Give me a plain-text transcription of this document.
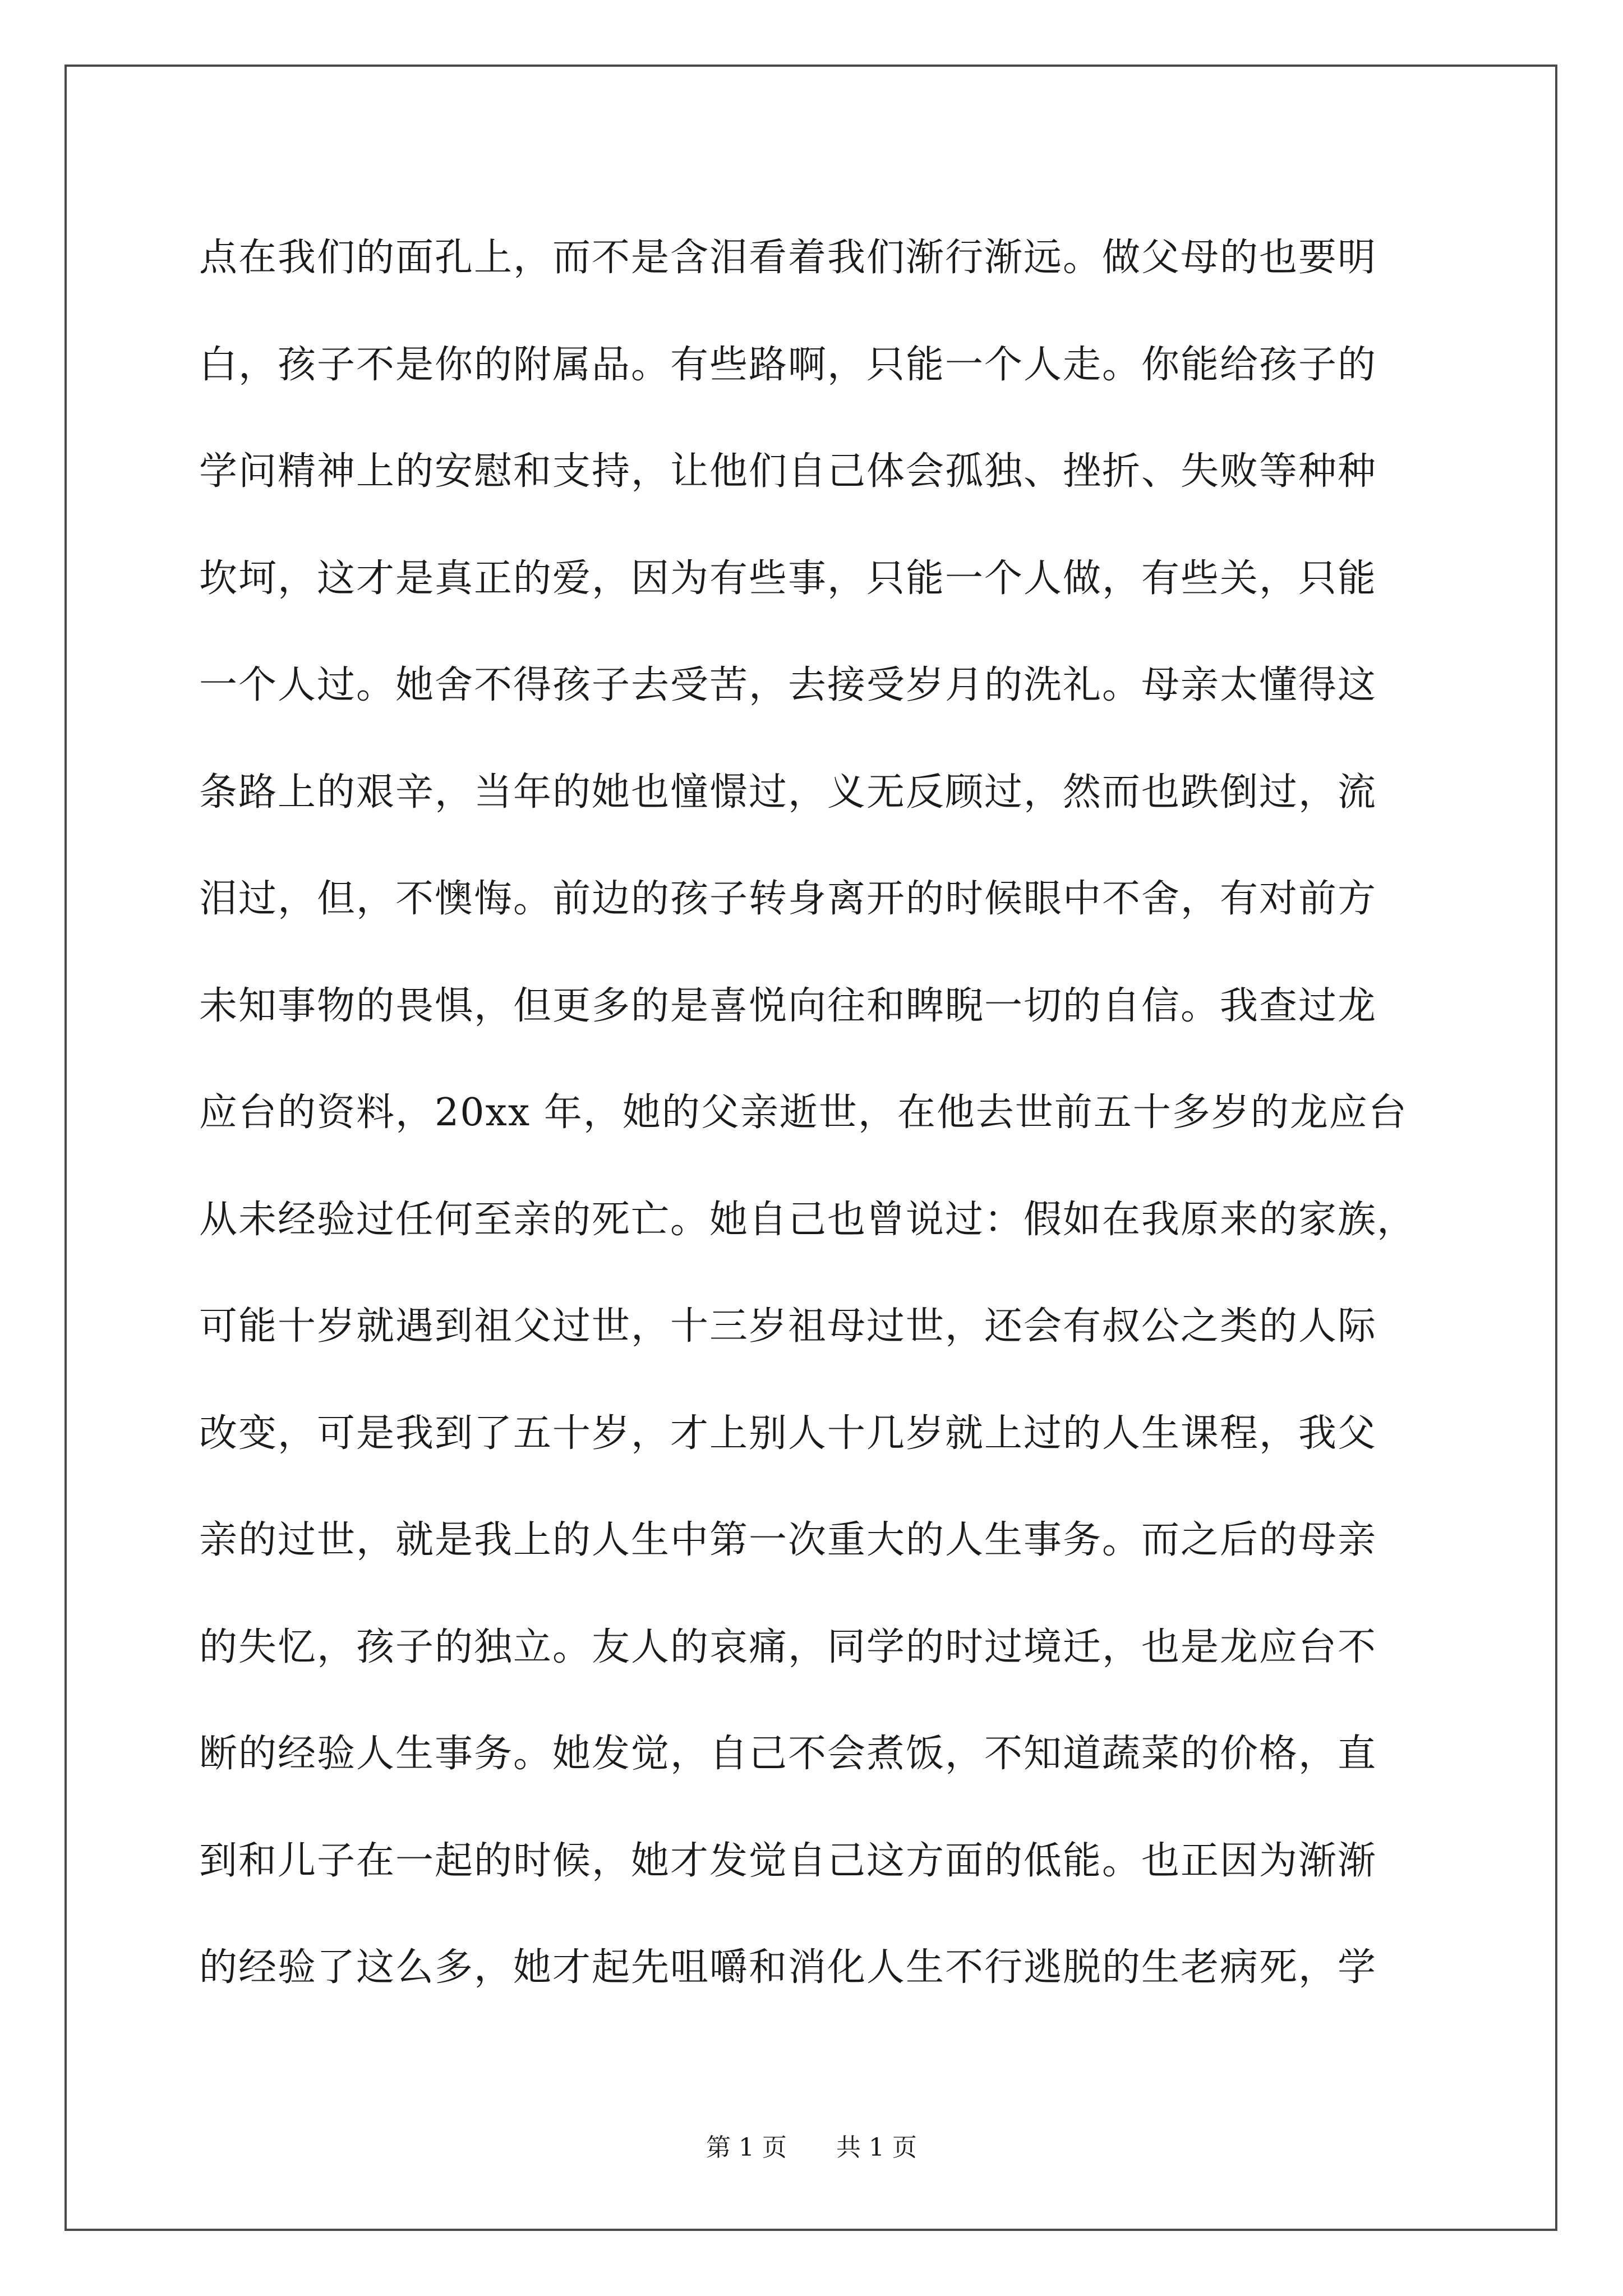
点在我们的面孔上，而不是含泪看着我们渐行渐远。做父母的也要明
白，孩子不是你的附属品。有些路啊，只能一个人走。你能给孩子的
学问精神上的安慰和支持，让他们自己体会孤独、挫折、失败等种种
坎坷，这才是真正的爱，因为有些事，只能一个人做，有些关，只能
一个人过。她舍不得孩子去受苦，去接受岁月的洗礼。母亲太懂得这
条路上的艰辛，当年的她也憧憬过，义无反顾过，然而也跌倒过，流
泪过，但，不懊悔。前边的孩子转身离开的时候眼中不舍，有对前方
未知事物的畏惧，但更多的是喜悦向往和睥睨一切的自信。我查过龙
应台的资料，20xx 年，她的父亲逝世，在他去世前五十多岁的龙应台
从未经验过任何至亲的死亡。她自己也曾说过：假如在我原来的家族，
可能十岁就遇到祖父过世，十三岁祖母过世，还会有叔公之类的人际
改变，可是我到了五十岁，才上别人十几岁就上过的人生课程，我父
亲的过世，就是我上的人生中第一次重大的人生事务。而之后的母亲
的失忆，孩子的独立。友人的哀痛，同学的时过境迁，也是龙应台不
断的经验人生事务。她发觉，自己不会煮饭，不知道蔬菜的价格，直
到和儿子在一起的时候，她才发觉自己这方面的低能。也正因为渐渐
的经验了这么多，她才起先咀嚼和消化人生不行逃脱的生老病死，学
第 1 页 共 1 页
